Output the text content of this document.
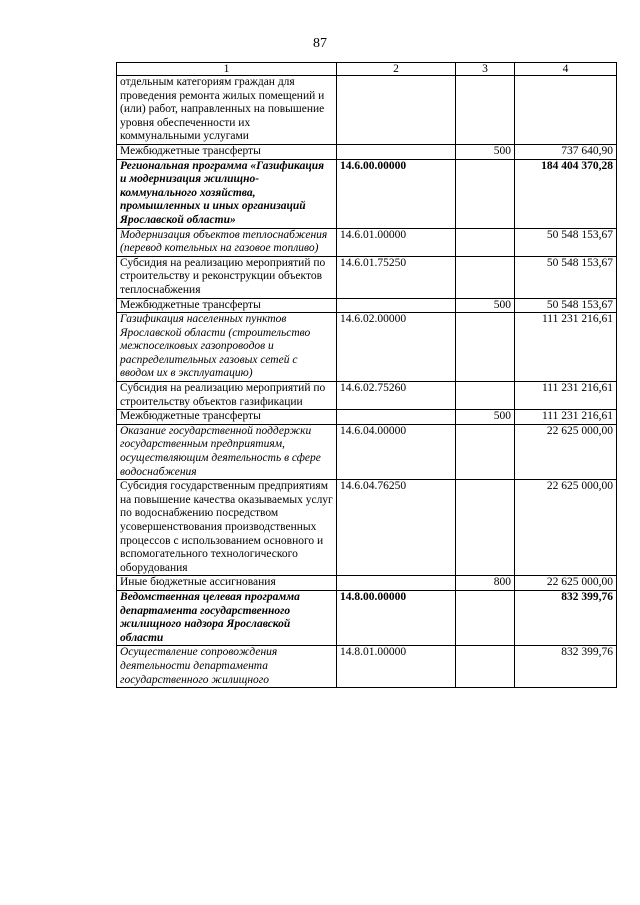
87
1	2	3	4
отдельным категориям граждан для проведения ремонта жилых помещений и (или) работ, направленных на повышение уровня обеспеченности их коммунальными услугами			
Межбюджетные трансферты		500	737 640,90
Региональная программа «Газификация и модернизация жилищно-коммунального хозяйства, промышленных и иных организаций Ярославской области»	14.6.00.00000		184 404 370,28
Модернизация объектов теплоснабжения (перевод котельных на газовое топливо)	14.6.01.00000		50 548 153,67
Субсидия на реализацию мероприятий по строительству и реконструкции объектов теплоснабжения	14.6.01.75250		50 548 153,67
Межбюджетные трансферты		500	50 548 153,67
Газификация населенных пунктов Ярославской области (строительство межпоселковых газопроводов и распределительных газовых сетей с вводом их в эксплуатацию)	14.6.02.00000		111 231 216,61
Субсидия на реализацию мероприятий по строительству объектов газификации	14.6.02.75260		111 231 216,61
Межбюджетные трансферты		500	111 231 216,61
Оказание государственной поддержки государственным предприятиям, осуществляющим деятельность в сфере водоснабжения	14.6.04.00000		22 625 000,00
Субсидия государственным предприятиям на повышение качества оказываемых услуг по водоснабжению посредством усовершенствования производственных процессов с использованием основного и вспомогательного технологического оборудования	14.6.04.76250		22 625 000,00
Иные бюджетные ассигнования		800	22 625 000,00
Ведомственная целевая программа департамента государственного жилищного надзора Ярославской области	14.8.00.00000		832 399,76
Осуществление сопровождения деятельности департамента государственного жилищного	14.8.01.00000		832 399,76
